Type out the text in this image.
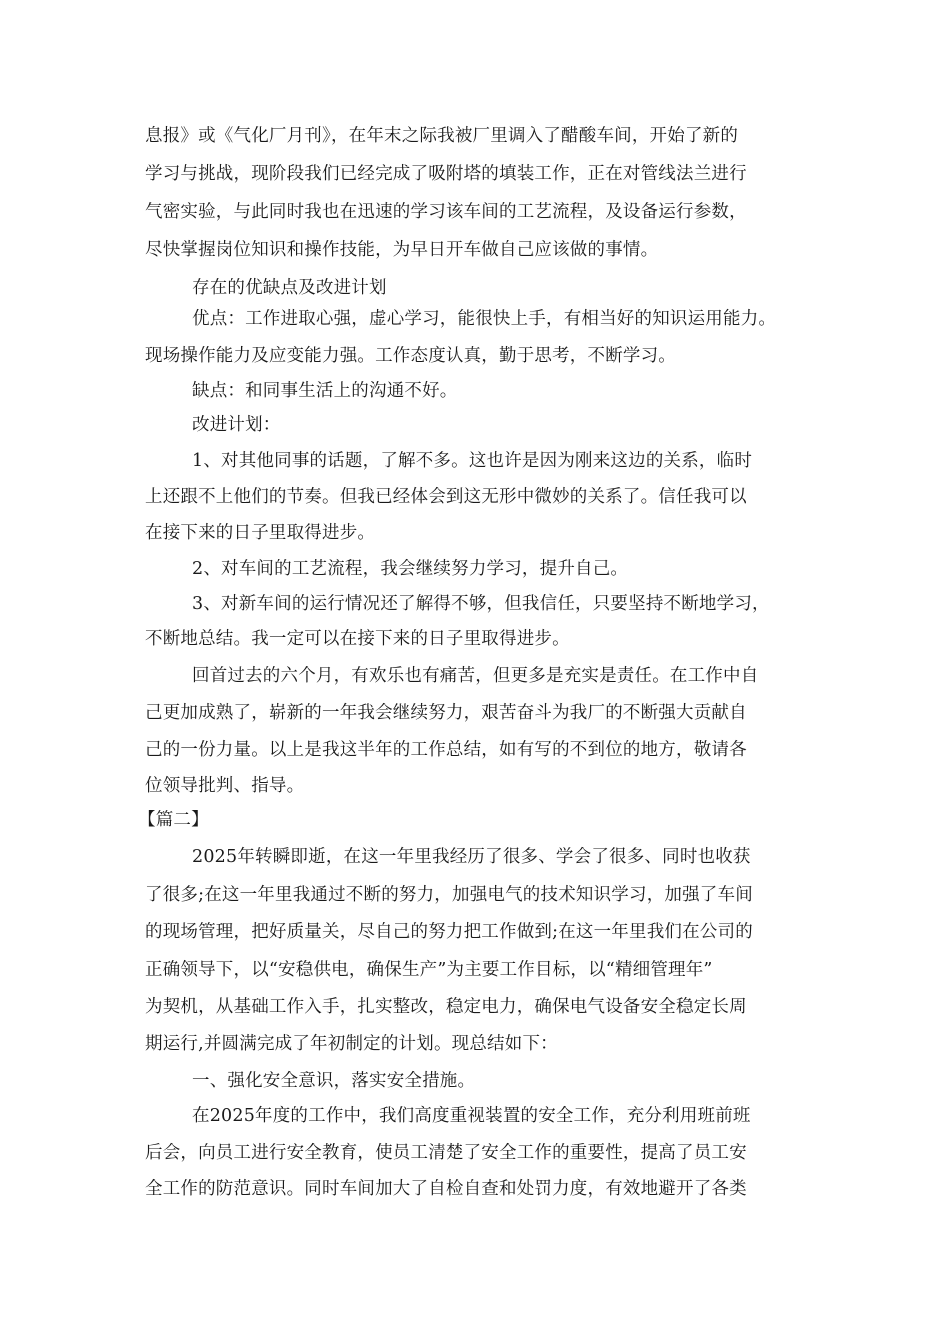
息报》或《气化厂月刊》，在年末之际我被厂里调入了醋酸车间，开始了新的
学习与挑战，现阶段我们已经完成了吸附塔的填装工作，正在对管线法兰进行
气密实验，与此同时我也在迅速的学习该车间的工艺流程，及设备运行参数，
尽快掌握岗位知识和操作技能，为早日开车做自己应该做的事情。
存在的优缺点及改进计划
优点：工作进取心强，虚心学习，能很快上手，有相当好的知识运用能力。
现场操作能力及应变能力强。工作态度认真，勤于思考，不断学习。
缺点：和同事生活上的沟通不好。
改进计划：
1、对其他同事的话题，了解不多。这也许是因为刚来这边的关系，临时
上还跟不上他们的节奏。但我已经体会到这无形中微妙的关系了。信任我可以
在接下来的日子里取得进步。
2、对车间的工艺流程，我会继续努力学习，提升自己。
3、对新车间的运行情况还了解得不够，但我信任，只要坚持不断地学习，
不断地总结。我一定可以在接下来的日子里取得进步。
回首过去的六个月，有欢乐也有痛苦，但更多是充实是责任。在工作中自
己更加成熟了，崭新的一年我会继续努力，艰苦奋斗为我厂的不断强大贡献自
己的一份力量。以上是我这半年的工作总结，如有写的不到位的地方，敬请各
位领导批判、指导。
【篇二】
2025年转瞬即逝，在这一年里我经历了很多、学会了很多、同时也收获
了很多;在这一年里我通过不断的努力，加强电气的技术知识学习，加强了车间
的现场管理，把好质量关，尽自己的努力把工作做到;在这一年里我们在公司的
正确领导下，以“安稳供电，确保生产”为主要工作目标，以“精细管理年”
为契机，从基础工作入手，扎实整改，稳定电力，确保电气设备安全稳定长周
期运行,并圆满完成了年初制定的计划。现总结如下：
一、强化安全意识，落实安全措施。
在2025年度的工作中，我们高度重视装置的安全工作，充分利用班前班
后会，向员工进行安全教育，使员工清楚了安全工作的重要性，提高了员工安
全工作的防范意识。同时车间加大了自检自查和处罚力度，有效地避开了各类
